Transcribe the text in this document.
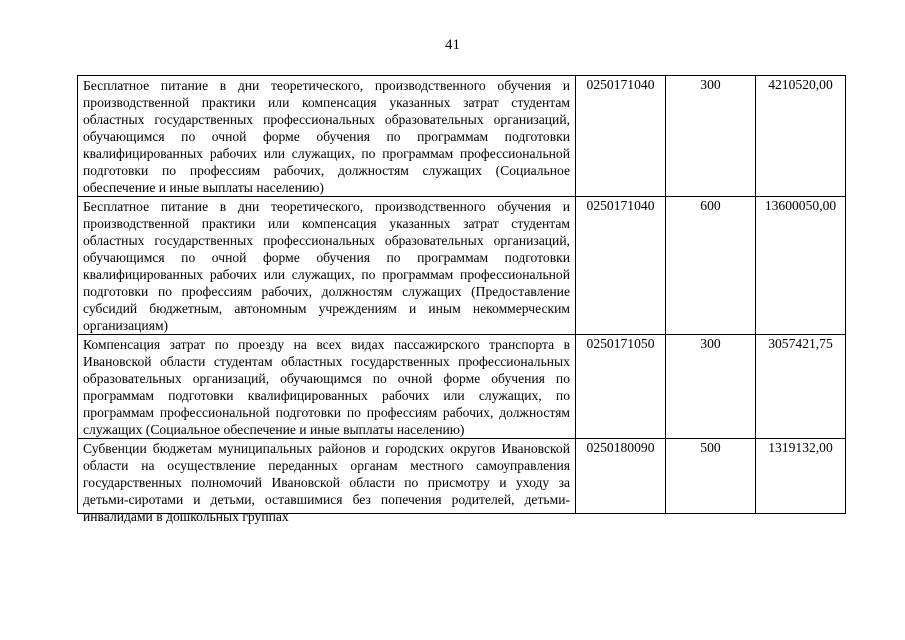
41
Бесплатное питание в дни теоретического, производственного обучения и производственной практики или компенсация указанных затрат студентам областных государственных профессиональных образовательных организаций, обучающимся по очной форме обучения по программам подготовки квалифицированных рабочих или служащих, по программам профессиональной подготовки по профессиям рабочих, должностям служащих (Социальное обеспечение и иные выплаты населению)	0250171040	300	4210520,00

Бесплатное питание в дни теоретического, производственного обучения и производственной практики или компенсация указанных затрат студентам областных государственных профессиональных образовательных организаций, обучающимся по очной форме обучения по программам подготовки квалифицированных рабочих или служащих, по программам профессиональной подготовки по профессиям рабочих, должностям служащих (Предоставление субсидий бюджетным, автономным учреждениям и иным некоммерческим организациям)	0250171040	600	13600050,00

Компенсация затрат по проезду на всех видах пассажирского транспорта в Ивановской области студентам областных государственных профессиональных образовательных организаций, обучающимся по очной форме обучения по программам подготовки квалифицированных рабочих или служащих, по программам профессиональной подготовки по профессиям рабочих, должностям служащих (Социальное обеспечение и иные выплаты населению)	0250171050	300	3057421,75

Субвенции бюджетам муниципальных районов и городских округов Ивановской области на осуществление переданных органам местного самоуправления государственных полномочий Ивановской области по присмотру и уходу за детьми-сиротами и детьми, оставшимися без попечения родителей, детьми-инвалидами в дошкольных группах	0250180090	500	1319132,00
